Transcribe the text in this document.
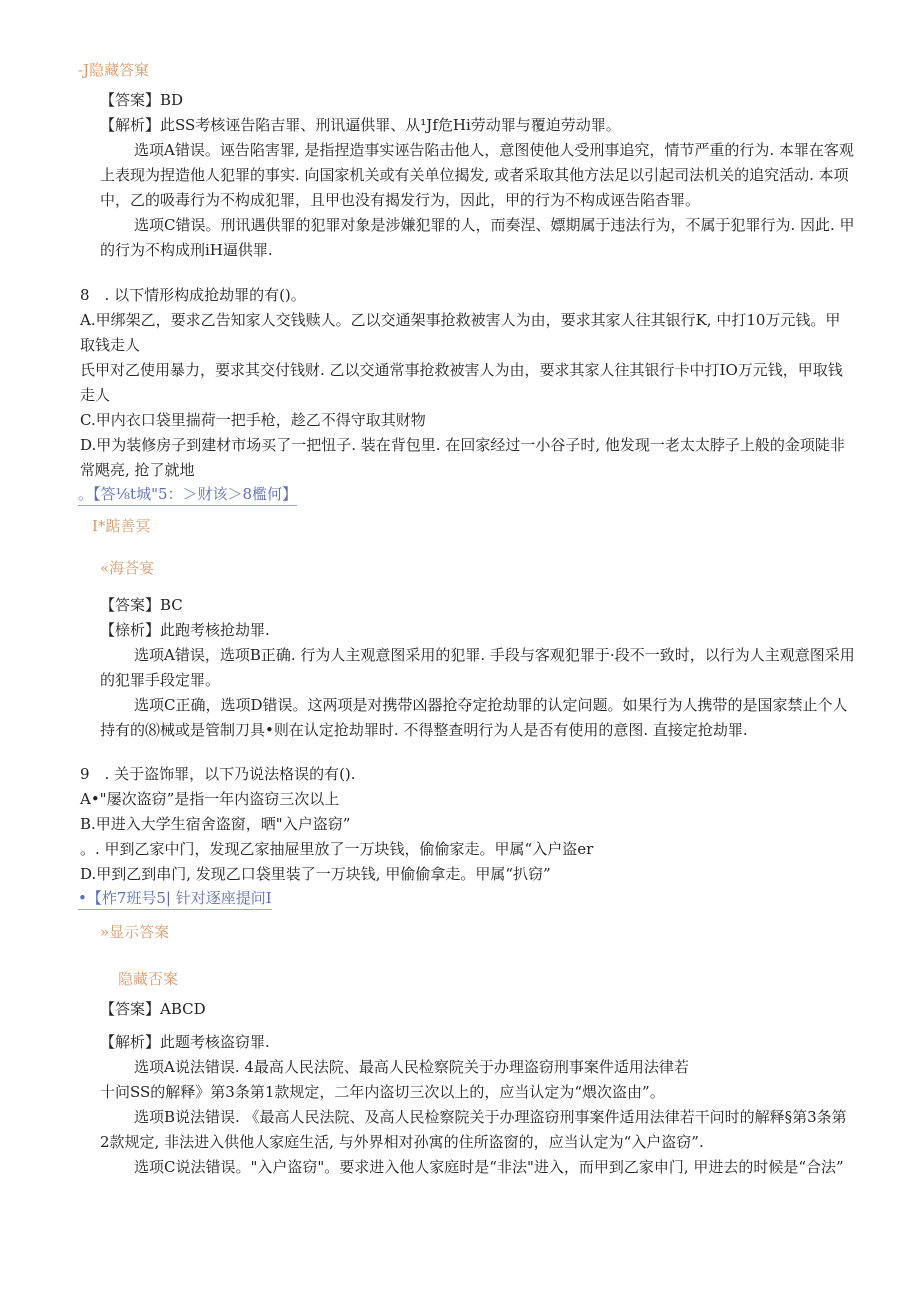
-J隐藏答窠
【答案】BD
【解析】此SS考核诬告陷吉罪、刑讯逼供罪、从¹Jf危Hi劳动罪与覆迫劳动罪。
选项A错误。诬告陷害罪, 是指捏造事实诬告陷击他人，意图使他人受刑事追究，情节严重的行为. 本罪在客观
上表现为捏造他人犯罪的事实. 向国家机关或有关单位揭发, 或者采取其他方法足以引起司法机关的追究活动. 本项
中，乙的吸毒行为不构成犯罪，且甲也没有揭发行为，因此，甲的行为不构成诬告陷杳罪。
选项C错误。刑讯遇供罪的犯罪对象是涉嫌犯罪的人，而奏涅、嫖期属于违法行为，不属于犯罪行为. 因此. 甲
的行为不构成刑iH逼供罪.
8　. 以下情形构成抢劫罪的有()。
A.甲绑架乙，要求乙告知家人交钱赎人。乙以交通架事抢救被害人为由，要求其家人往其银行K, 中打10万元钱。甲
取钱走人
氏甲对乙使用暴力，要求其交付钱财. 乙以交通常事抢救被害人为由，要求其家人往其银行卡中打IO万元钱，甲取钱
走人
C.甲内衣口袋里揣荷一把手枪，趁乙不得守取其财物
D.甲为装修房子到建材市场买了一把忸子. 装在背包里. 在回家经过一小谷子时, 他发现一老太太脖子上般的金项陡非
常飓亮, 抢了就地
。【答⅛t城"5：＞财该＞8檻何】
I*踮善冥
«海荅宴
【答案】BC
【榇析】此跑考核抢劫罪.
选项A错误，选项B正确. 行为人主观意图采用的犯罪. 手段与客观犯罪于·段不一致时，以行为人主观意图采用
的犯罪手段定罪。
选项C正确，选项D错误。这两项是对携带凶器抢夺定抢劫罪的认定问题。如果行为人携带的是国家禁止个人
持有的⑻械或是管制刀具•则在认定抢劫罪时. 不得整查明行为人是否有使用的意图. 直接定抢劫罪.
9　. 关于盗饰罪，以下乃说法格误的有().
A•"屡次盗窃”是指一年内盗窃三次以上
B.甲进入大学生宿舍盗窗，晒"入户盗窃”
。. 甲到乙家中门，发现乙家抽屉里放了一万块钱，偷偷家走。甲属“入户盗er
D.甲到乙到串门, 发现乙口袋里装了一万块钱, 甲偷偷拿走。甲属“扒窃”
•【柞7班号5| 针对逐座提问I
»显示答案
隐藏否案
【答案】ABCD
【解析】此题考核盗窃罪.
选项A说法错误. 4最高人民法院、最高人民检察院关于办理盗窃刑事案件适用法律若
十问SS的解释》第3条第1款规定，二年内盗切三次以上的，应当认定为“煨次盗由”。
选项B说法错误. 《最高人民法院、及高人民检察院关于办理盗窃刑事案件适用法律若干问时的解释§第3条第
2款规定, 非法进入供他人家庭生活, 与外界相对孙寓的住所盗窗的，应当认定为“入户盗窃”.
选项C说法错误。"入户盗窃"。要求进入他人家庭时是“非法"进入，而甲到乙家申门, 甲进去的时候是“合法”
